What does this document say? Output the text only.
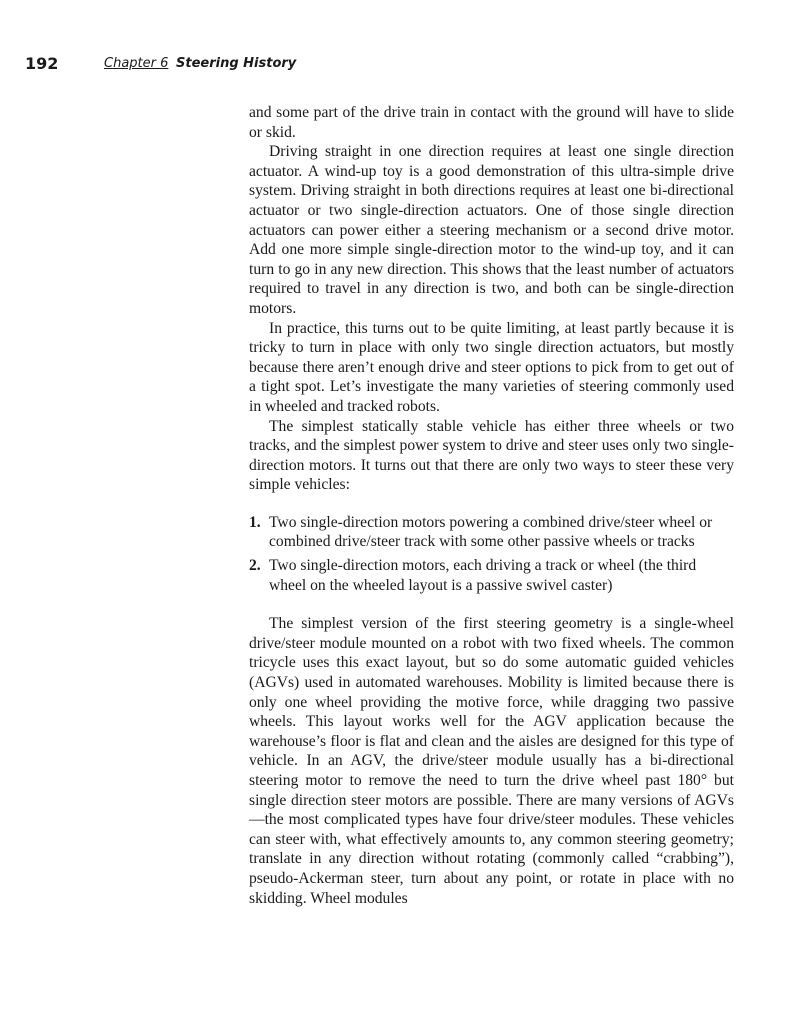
192	Chapter 6 Steering History

and some part of the drive train in contact with the ground will have to slide or skid.

Driving straight in one direction requires at least one single direction actuator. A wind-up toy is a good demonstration of this ultra-simple drive system. Driving straight in both directions requires at least one bi-directional actuator or two single-direction actuators. One of those single direction actuators can power either a steering mechanism or a second drive motor. Add one more simple single-direction motor to the wind-up toy, and it can turn to go in any new direction. This shows that the least number of actuators required to travel in any direction is two, and both can be single-direction motors.

In practice, this turns out to be quite limiting, at least partly because it is tricky to turn in place with only two single direction actuators, but mostly because there aren’t enough drive and steer options to pick from to get out of a tight spot. Let’s investigate the many varieties of steering commonly used in wheeled and tracked robots.

The simplest statically stable vehicle has either three wheels or two tracks, and the simplest power system to drive and steer uses only two single-direction motors. It turns out that there are only two ways to steer these very simple vehicles:

1. Two single-direction motors powering a combined drive/steer wheel or combined drive/steer track with some other passive wheels or tracks
2. Two single-direction motors, each driving a track or wheel (the third wheel on the wheeled layout is a passive swivel caster)

The simplest version of the first steering geometry is a single-wheel drive/steer module mounted on a robot with two fixed wheels. The common tricycle uses this exact layout, but so do some automatic guided vehicles (AGVs) used in automated warehouses. Mobility is limited because there is only one wheel providing the motive force, while dragging two passive wheels. This layout works well for the AGV application because the warehouse’s floor is flat and clean and the aisles are designed for this type of vehicle. In an AGV, the drive/steer module usually has a bi-directional steering motor to remove the need to turn the drive wheel past 180° but single direction steer motors are possible. There are many versions of AGVs—the most complicated types have four drive/steer modules. These vehicles can steer with, what effectively amounts to, any common steering geometry; translate in any direction without rotating (commonly called “crabbing”), pseudo-Ackerman steer, turn about any point, or rotate in place with no skidding. Wheel modules
